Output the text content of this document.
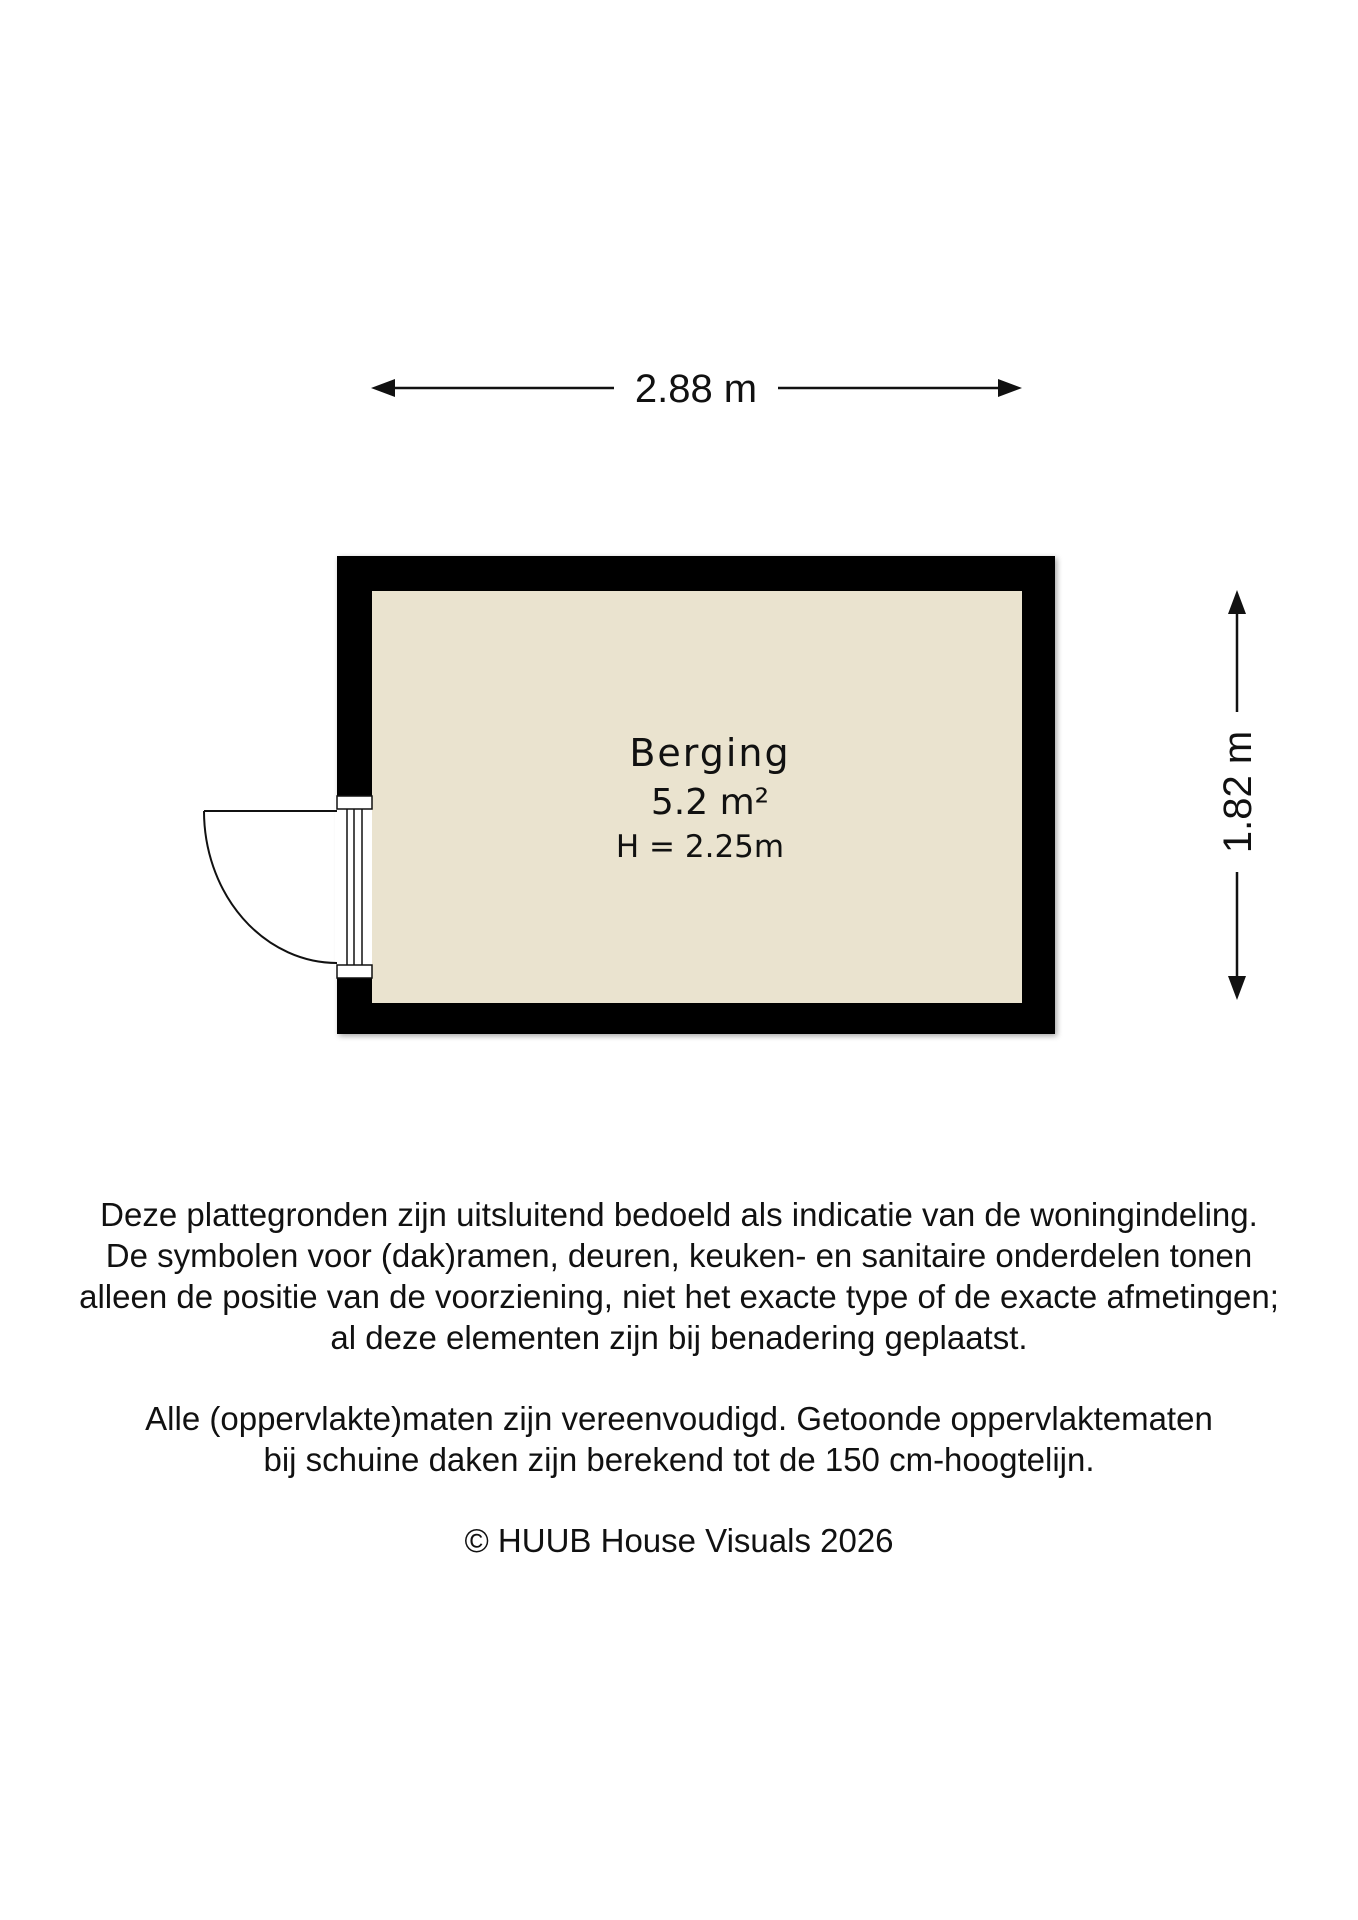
2.88 m
1.82 m
Berging
5.2 m²
H = 2.25m

Deze plattegronden zijn uitsluitend bedoeld als indicatie van de woningindeling.

De symbolen voor (dak)ramen, deuren, keuken- en sanitaire onderdelen tonen

alleen de positie van de voorziening, niet het exacte type of de exacte afmetingen;

al deze elementen zijn bij benadering geplaatst.

Alle (oppervlakte)maten zijn vereenvoudigd. Getoonde oppervlaktematen

bij schuine daken zijn berekend tot de 150 cm-hoogtelijn.

© HUUB House Visuals 2026
